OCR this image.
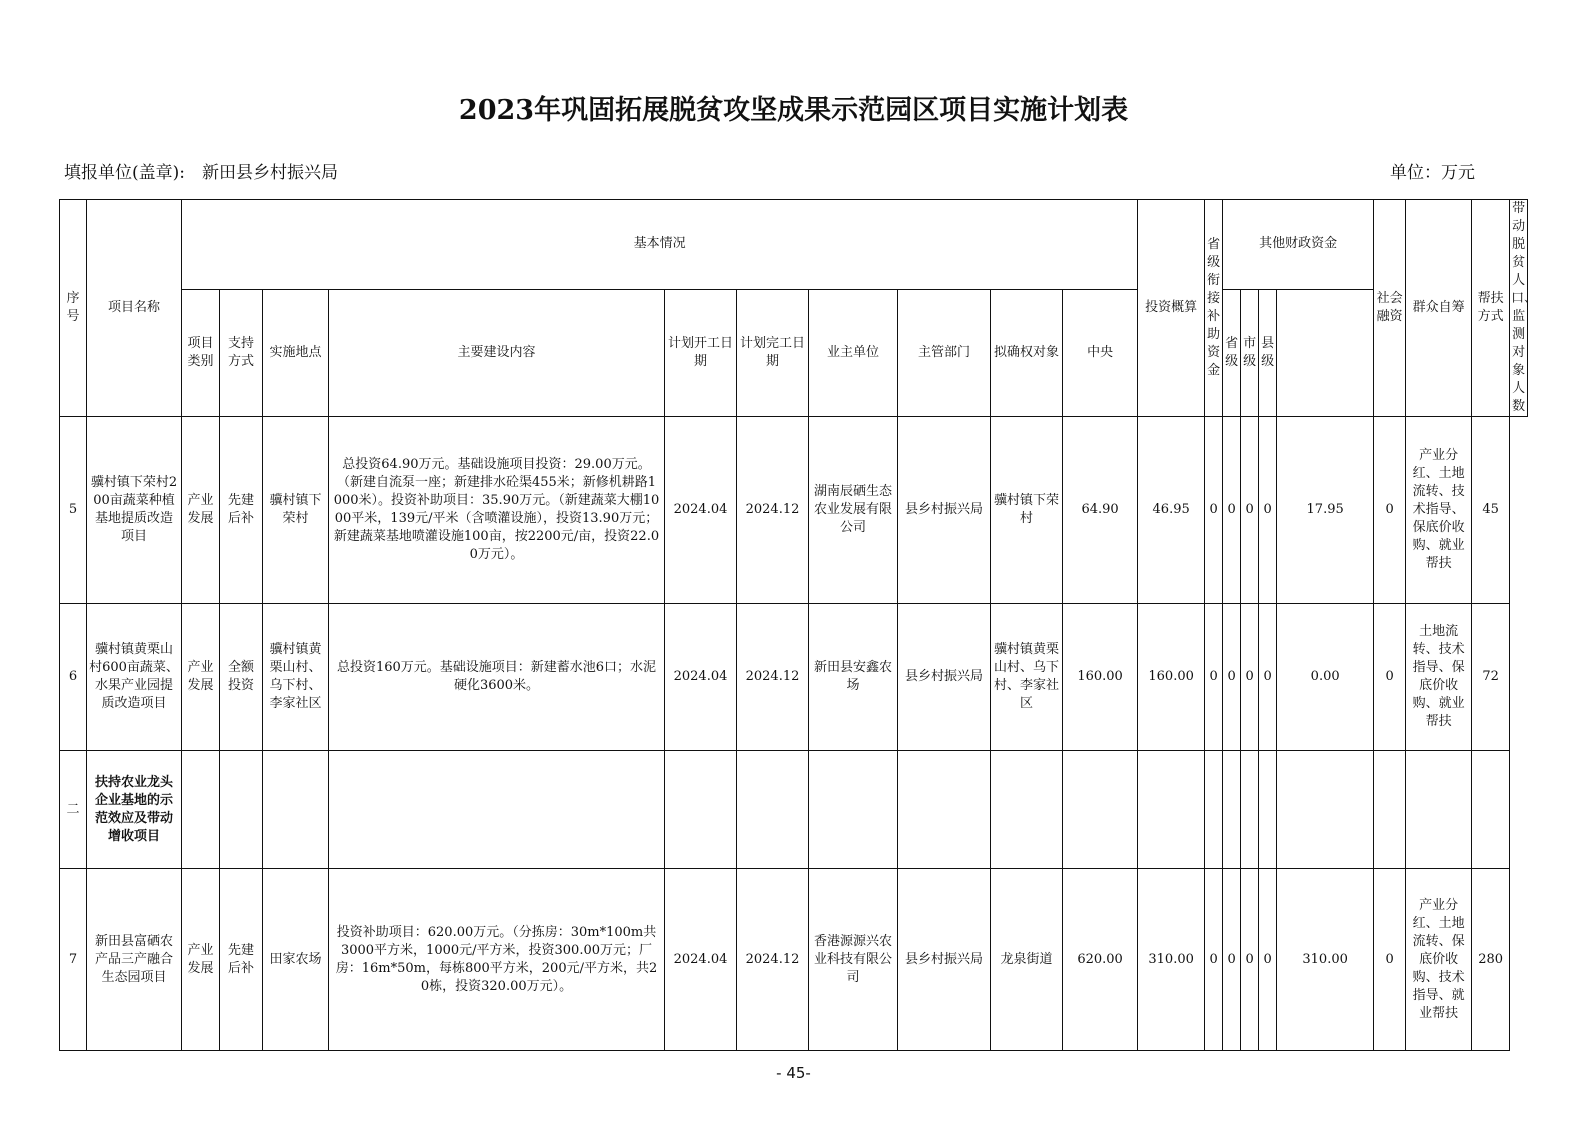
2023年巩固拓展脱贫攻坚成果示范园区项目实施计划表
填报单位(盖章):　新田县乡村振兴局	单位：万元
序号	项目名称	基本情况										投资概算	省级衔接补助资金	其他财政资金				社会融资	群众自筹	帮扶方式	带动脱贫人口、监测对象人数
		项目类别	支持方式	实施地点	主要建设内容	计划开工日期	计划完工日期	业主单位	主管部门	拟确权对象	中央			省级	市级	县级					
5	骥村镇下荣村200亩蔬菜种植基地提质改造项目	产业发展	先建后补	骥村镇下荣村	总投资64.90万元。基础设施项目投资：29.00万元。（新建自流泵一座；新建排水砼渠455米；新修机耕路1000米）。投资补助项目：35.90万元。（新建蔬菜大棚1000平米，139元/平米（含喷灌设施），投资13.90万元；新建蔬菜基地喷灌设施100亩，按2200元/亩，投资22.00万元）。	2024.04	2024.12	湖南辰硒生态农业发展有限公司	县乡村振兴局	骥村镇下荣村	64.90	46.95	0	0	0	0	17.95	0	产业分红、土地流转、技术指导、保底价收购、就业帮扶	45	
6	骥村镇黄栗山村600亩蔬菜、水果产业园提质改造项目	产业发展	全额投资	骥村镇黄栗山村、乌下村、李家社区	总投资160万元。基础设施项目：新建蓄水池6口；水泥硬化3600米。	2024.04	2024.12	新田县安鑫农场	县乡村振兴局	骥村镇黄栗山村、乌下村、李家社区	160.00	160.00	0	0	0	0	0.00	0	土地流转、技术指导、保底价收购、就业帮扶	72	
二	扶持农业龙头企业基地的示范效应及带动增收项目																				
7	新田县富硒农产品三产融合生态园项目	产业发展	先建后补	田家农场	投资补助项目：620.00万元。（分拣房：30m*100m共3000平方米，1000元/平方米，投资300.00万元；厂房：16m*50m，每栋800平方米，200元/平方米，共20栋，投资320.00万元）。	2024.04	2024.12	香港源源兴农业科技有限公司	县乡村振兴局	龙泉街道	620.00	310.00	0	0	0	0	310.00	0	产业分红、土地流转、保底价收购、技术指导、就业帮扶	280	
- 45-
